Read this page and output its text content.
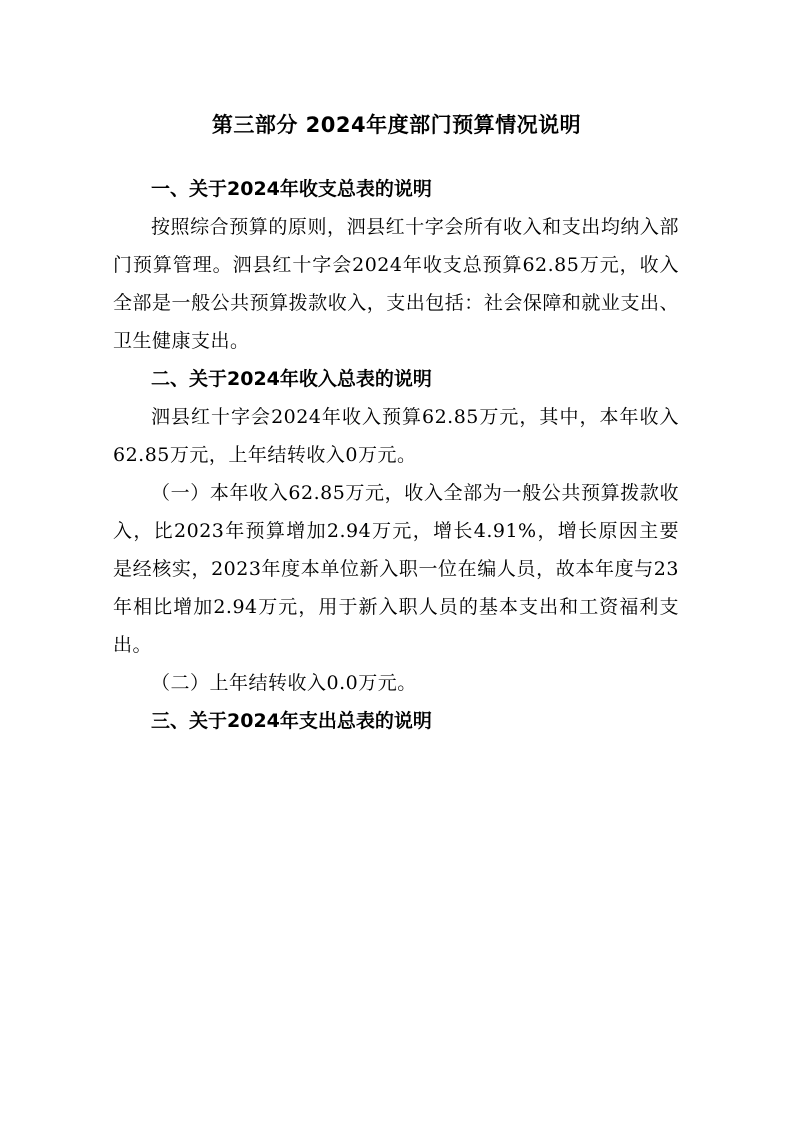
第三部分 2024年度部门预算情况说明

一、关于2024年收支总表的说明

按照综合预算的原则，泗县红十字会所有收入和支出均纳入部门预算管理。泗县红十字会2024年收支总预算62.85万元，收入全部是一般公共预算拨款收入，支出包括：社会保障和就业支出、卫生健康支出。

二、关于2024年收入总表的说明

泗县红十字会2024年收入预算62.85万元，其中，本年收入62.85万元，上年结转收入0万元。

（一）本年收入62.85万元，收入全部为一般公共预算拨款收入，比2023年预算增加2.94万元，增长4.91%，增长原因主要是经核实，2023年度本单位新入职一位在编人员，故本年度与23年相比增加2.94万元，用于新入职人员的基本支出和工资福利支出。

（二）上年结转收入0.0万元。

三、关于2024年支出总表的说明
